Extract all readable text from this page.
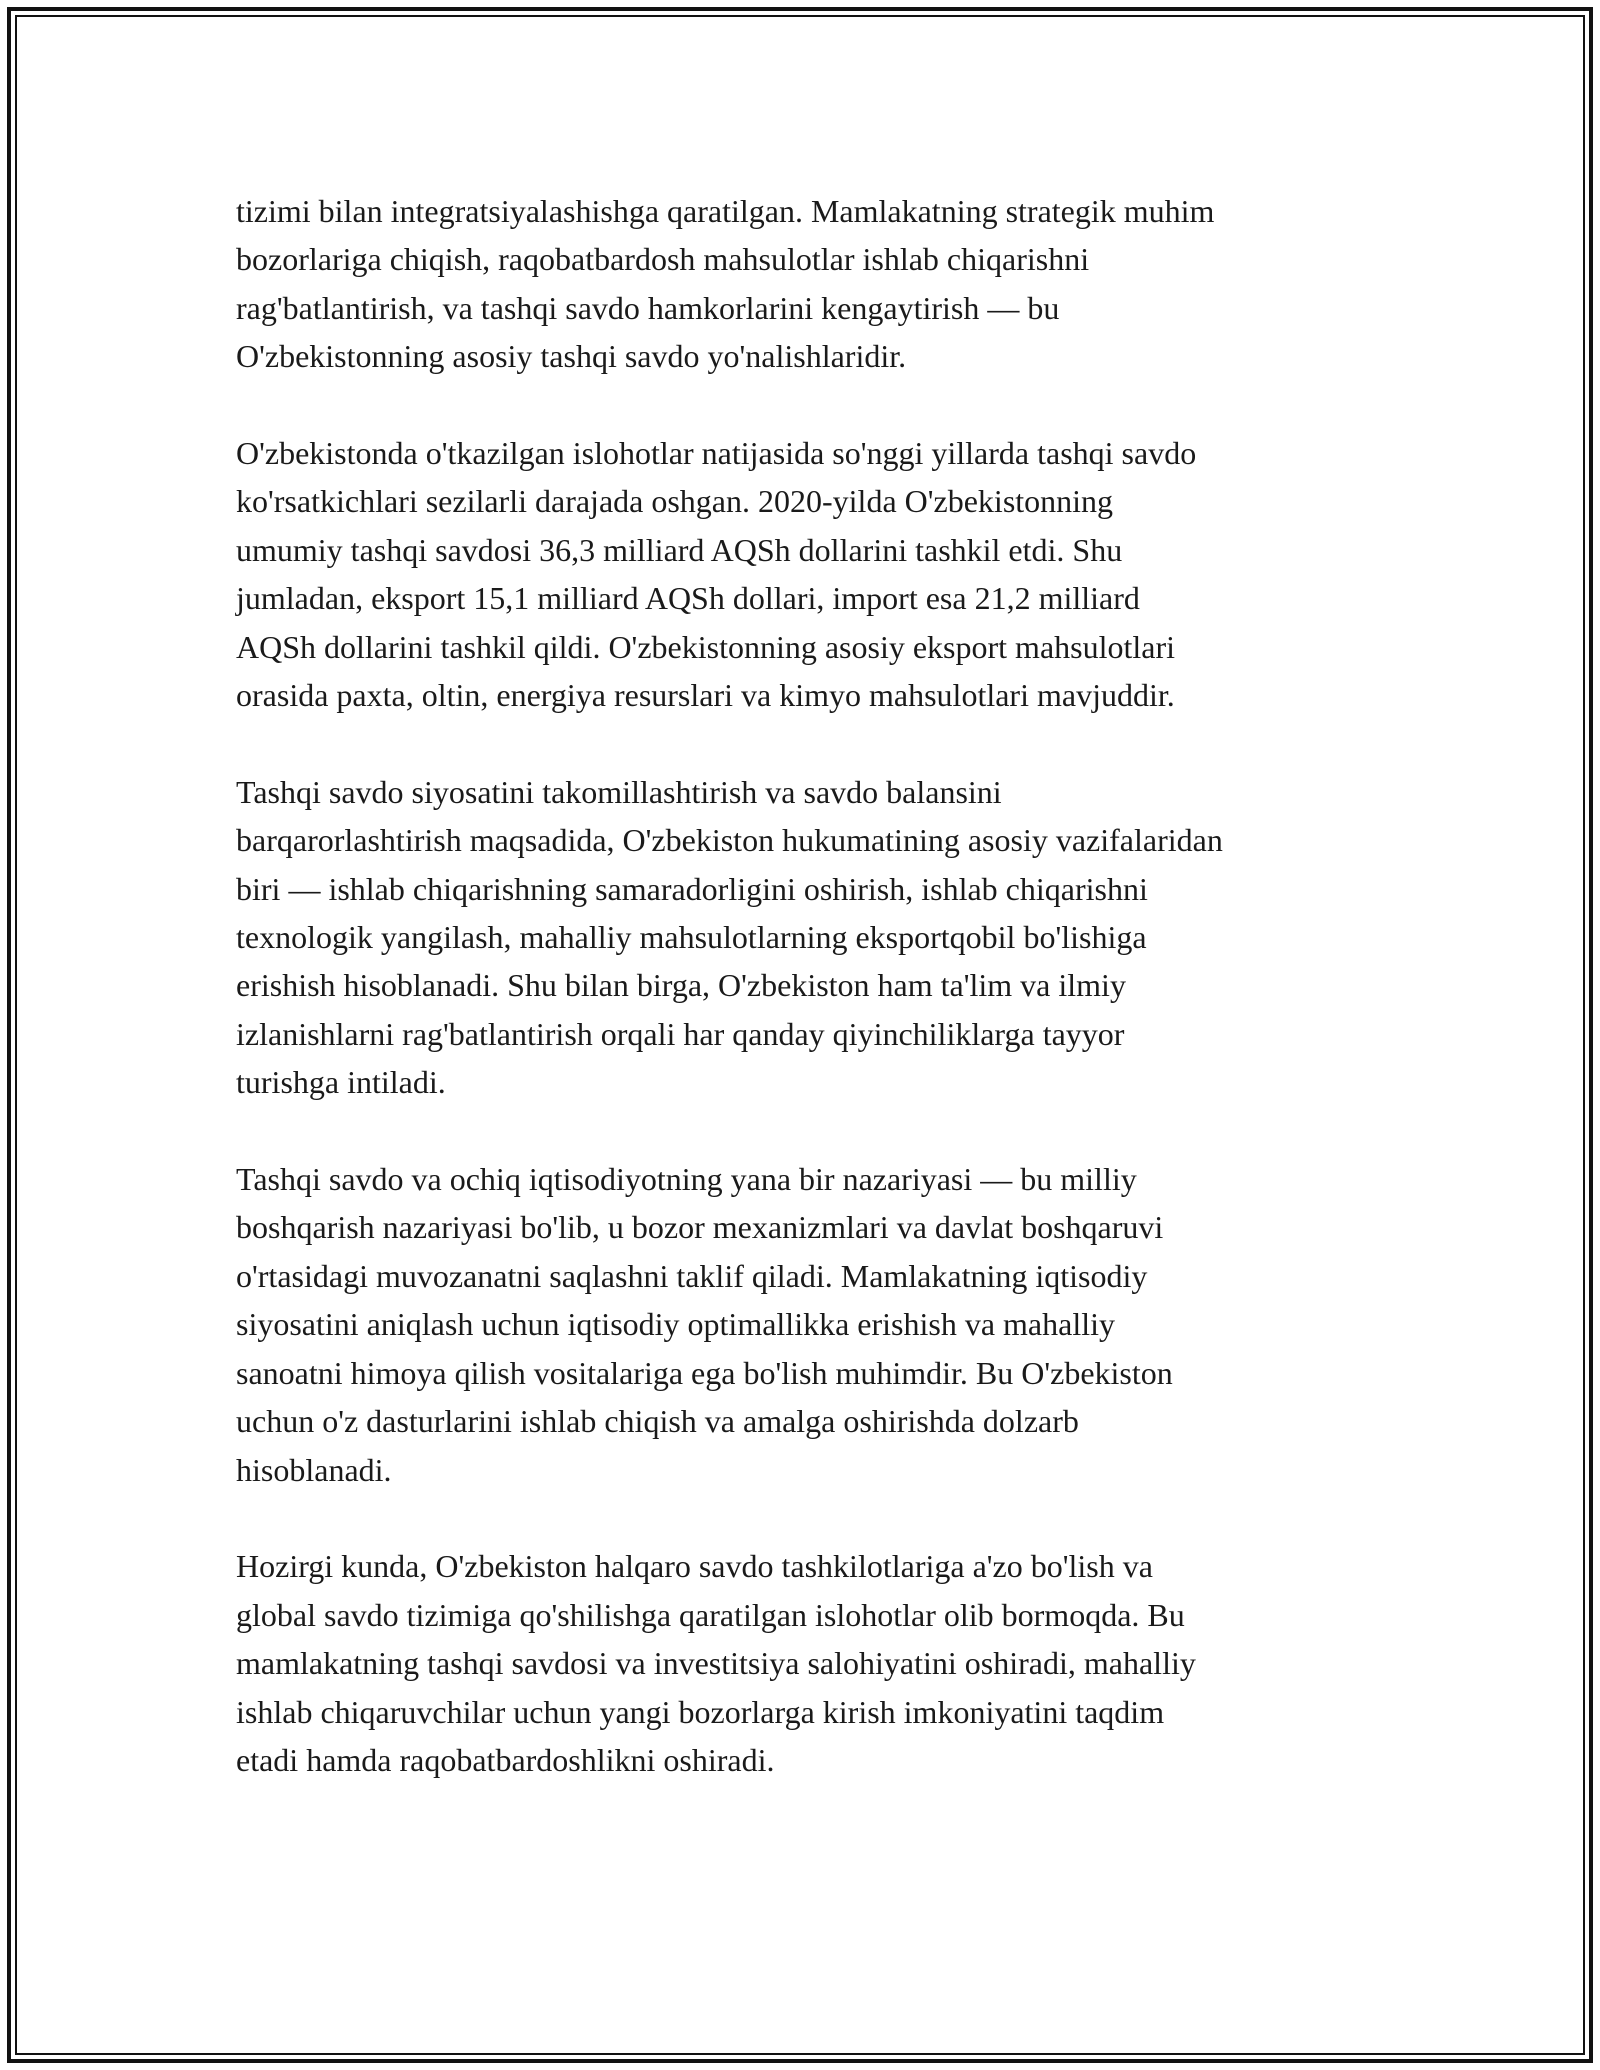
tizimi bilan integratsiyalashishga qaratilgan. Mamlakatning strategik muhim
bozorlariga chiqish, raqobatbardosh mahsulotlar ishlab chiqarishni
rag'batlantirish, va tashqi savdo hamkorlarini kengaytirish — bu
O'zbekistonning asosiy tashqi savdo yo'nalishlaridir.

O'zbekistonda o'tkazilgan islohotlar natijasida so'nggi yillarda tashqi savdo
ko'rsatkichlari sezilarli darajada oshgan. 2020-yilda O'zbekistonning
umumiy tashqi savdosi 36,3 milliard AQSh dollarini tashkil etdi. Shu
jumladan, eksport 15,1 milliard AQSh dollari, import esa 21,2 milliard
AQSh dollarini tashkil qildi. O'zbekistonning asosiy eksport mahsulotlari
orasida paxta, oltin, energiya resurslari va kimyo mahsulotlari mavjuddir.

Tashqi savdo siyosatini takomillashtirish va savdo balansini
barqarorlashtirish maqsadida, O'zbekiston hukumatining asosiy vazifalaridan
biri — ishlab chiqarishning samaradorligini oshirish, ishlab chiqarishni
texnologik yangilash, mahalliy mahsulotlarning eksportqobil bo'lishiga
erishish hisoblanadi. Shu bilan birga, O'zbekiston ham ta'lim va ilmiy
izlanishlarni rag'batlantirish orqali har qanday qiyinchiliklarga tayyor
turishga intiladi.

Tashqi savdo va ochiq iqtisodiyotning yana bir nazariyasi — bu milliy
boshqarish nazariyasi bo'lib, u bozor mexanizmlari va davlat boshqaruvi
o'rtasidagi muvozanatni saqlashni taklif qiladi. Mamlakatning iqtisodiy
siyosatini aniqlash uchun iqtisodiy optimallikka erishish va mahalliy
sanoatni himoya qilish vositalariga ega bo'lish muhimdir. Bu O'zbekiston
uchun o'z dasturlarini ishlab chiqish va amalga oshirishda dolzarb
hisoblanadi.

Hozirgi kunda, O'zbekiston halqaro savdo tashkilotlariga a'zo bo'lish va
global savdo tizimiga qo'shilishga qaratilgan islohotlar olib bormoqda. Bu
mamlakatning tashqi savdosi va investitsiya salohiyatini oshiradi, mahalliy
ishlab chiqaruvchilar uchun yangi bozorlarga kirish imkoniyatini taqdim
etadi hamda raqobatbardoshlikni oshiradi.
